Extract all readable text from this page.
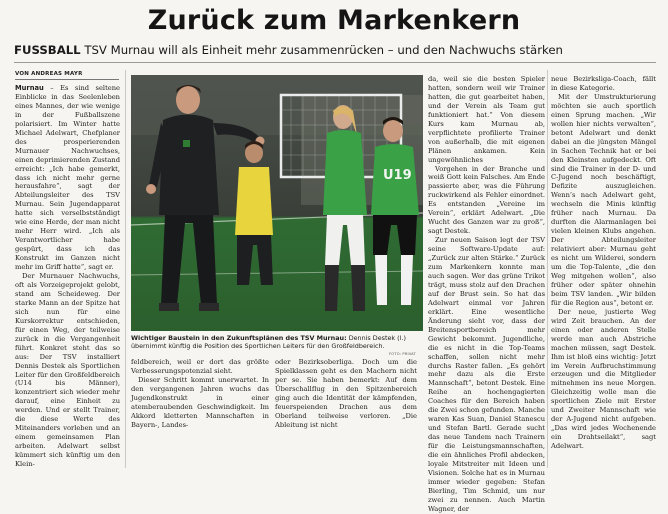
Zurück zum Markenkern
FUSSBALL TSV Murnau will als Einheit mehr zusammenrücken – und den Nachwuchs stärken
VON ANDREAS MAYR

Murnau – Es sind seltene Einblicke in das Seelenleben eines Mannes, der wie wenige in der Fußballszene polarisiert. Im Winter hatte Michael Adelwart, Chefplaner des prosperierenden Murnauer Nachwuchses, einen deprimierenden Zustand erreicht: „Ich habe gemerkt, dass ich nicht mehr gerne herausfahre“, sagt der Abteilungsleiter des TSV Murnau. Sein Jugendapparat hatte sich verselbstständigt wie eine Herde, der man nicht mehr Herr wird. „Ich als Verantwortlicher habe gespürt, dass ich das Konstrukt im Ganzen nicht mehr im Griff hatte“, sagt er.

Der Murnauer Nachwuchs, oft als Vorzeigeprojekt gelobt, stand am Scheideweg. Der starke Mann an der Spitze hat sich nun für eine Kurskorrektur entschieden, für einen Weg, der teilweise zurück in die Vergangenheit führt. Konkret steht das so aus: Der TSV installiert Dennis Destek als Sportlichen Leiter für den Großfeldbereich (U14 bis Männer), konzentriert sich wieder mehr darauf, eine Einheit zu werden. Und er stellt Trainer, die diese Werte des Miteinanders vorleben und an einem gemeinsamen Plan arbeiten. Adelwart selbst kümmert sich künftig um den Klein-

U19
Wichtiger Baustein in den Zukunftsplänen des TSV Murnau: Dennis Destek (l.) übernimmt künftig die Position des Sportlichen Leiters für den Großfeldbereich.
FOTO: PRIVAT

feldbereich, weil er dort das größte Verbesserungspotenzial sieht.

Dieser Schritt kommt unerwartet. In den vergangenen Jahren wuchs das Jugendkonstrukt in einer atemberaubenden Geschwindigkeit. Im Akkord kletterten Mannschaften in Bayern-, Landes-

oder Bezirksoberliga. Doch um die Spielklassen geht es den Machern nicht per se. Sie haben bemerkt: Auf dem Überschallflug in den Spitzenbereich ging auch die Identität der kämpfenden, feuerspeienden Drachen aus dem Oberland teilweise verloren. „Die Ableitung ist nicht

da, weil sie die besten Spieler hatten, sondern weil wir Trainer hatten, die gut gearbeitet haben, und der Verein als Team gut funktioniert hat.“ Von diesem Kurs kam Murnau ab, verpflichtete profilierte Trainer von außerhalb, die mit eigenen Plänen ankamen. Kein ungewöhnliches

Vorgehen in der Branche und weiß Gott kein Falsches. Am Ende passierte aber, was die Führung ruckwirkend als Fehler einordnet. Es entstanden „Vereine im Verein“, erklärt Adelwart. „Die Wucht des Ganzen war zu groß“, sagt Destek.

Zur neuen Saison legt der TSV seine Software-Update auf: „Zurück zur alten Stärke.“ Zurück zum Markenkern konnte man auch sagen. Wer das grüne Trikot trägt, muss stolz auf den Drachen auf der Brust sein. So hat das Adelwart einmal vor Jahren erklärt. Eine wesentliche Änderung sieht vor, dass der Breitensportbereich mehr Gewicht bekommt. Jugendliche, die es nicht in die Top-Teams schaffen, sollen nicht mehr durchs Raster fallen. „Es gehört mehr dazu als die Erste Mannschaft“, betont Destek. Eine Reihe an hochengagierten Coaches für den Bereich haben die Zwei schon gefunden. Manche waren Kas Suan, Daniel Stanescu und Stefan Bartl. Gerade sucht das neue Tandem nach Trainern für die Leistungsmannschaften, die ein ähnliches Profil abdecken, loyale Mitstreiter mit Ideen und Visionen. Solche hat es in Murnau immer wieder gegeben: Stefan Bierling, Tim Schmid, um nur zwei zu nennen. Auch Martin Wagner, der

neue Bezirksliga-Coach, fällt in diese Kategorie.

Mit der Umstrukturierung möchten sie auch sportlich einen Sprung machen. „Wir wollen hier nichts verwalten“, betont Adelwart und denkt dabei an die jüngsten Mängel in Sachen Technik hat er bei den Kleinsten aufgedeckt. Oft sind die Trainer in der D- und C-Jugend noch beschäftigt, Defizite auszugleichen. Wenn’s nach Adelwart geht, wechseln die Minis künftig früher nach Murnau. Da durften die Alarmanlagen bei vielen kleinen Klubs angehen. Der Abteilungsleiter relativiert aber: Murnau geht es nicht um Wilderei, sondern um die Top-Talente, „die den Weg mitgehen wollen“, also früher oder später ohnehin beim TSV landen. „Wir bilden für die Region aus“, betont er.

Der neue, justierte Weg wird Zeit brauchen. An der einen oder anderen Stelle werde man auch Abstriche machen müssen, sagt Destek. Ihm ist bloß eins wichtig: Jetzt im Verein Aufbruchstimmung erzeugen und die Mitglieder mitnehmen ins neue Morgen. Gleichzeitig wolle man die sportlichen Ziele mit Erster und Zweiter Mannschaft wie der A-Jugend nicht aufgeben. „Das wird jedes Wochenende ein Drahtseilakt“, sagt Adelwart.
